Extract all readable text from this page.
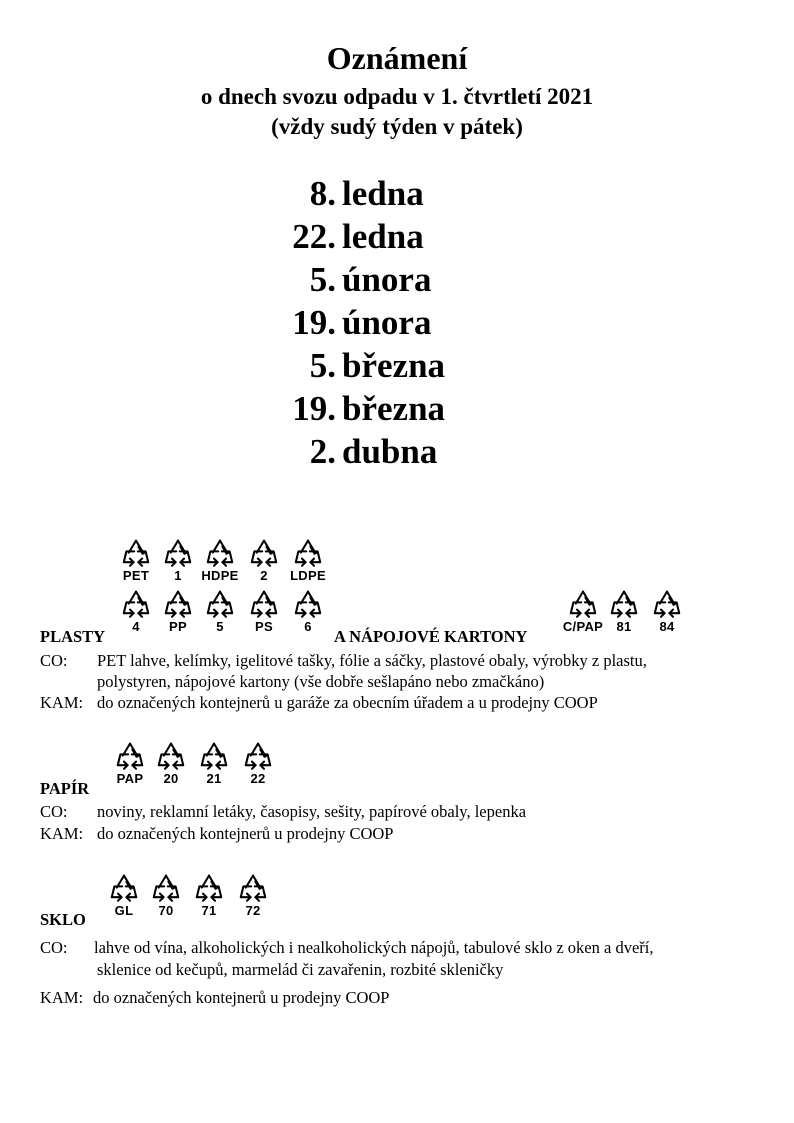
Oznámení
o dnech svozu odpadu v 1. čtvrtletí 2021
(vždy sudý týden v pátek)
8. ledna
22. ledna
5. února
19. února
5. března
19. března
2. dubna
PET	1	HDPE	2	LDPE
4	PP	5	PS	6	C/PAP	81	84
PLASTY	A NÁPOJOVÉ KARTONY
CO: PET lahve, kelímky, igelitové tašky, fólie a sáčky, plastové obaly, výrobky z plastu,
polystyren, nápojové kartony (vše dobře sešlapáno nebo zmačkáno)
KAM: do označených kontejnerů u garáže za obecním úřadem a u prodejny COOP
PAP	20	21	22
PAPÍR
CO: noviny, reklamní letáky, časopisy, sešity, papírové obaly, lepenka
KAM: do označených kontejnerů u prodejny COOP
GL	70	71	72
SKLO
CO: lahve od vína, alkoholických i nealkoholických nápojů, tabulové sklo z oken a dveří,
sklenice od kečupů, marmelád či zavařenin, rozbité skleničky
KAM: do označených kontejnerů u prodejny COOP
